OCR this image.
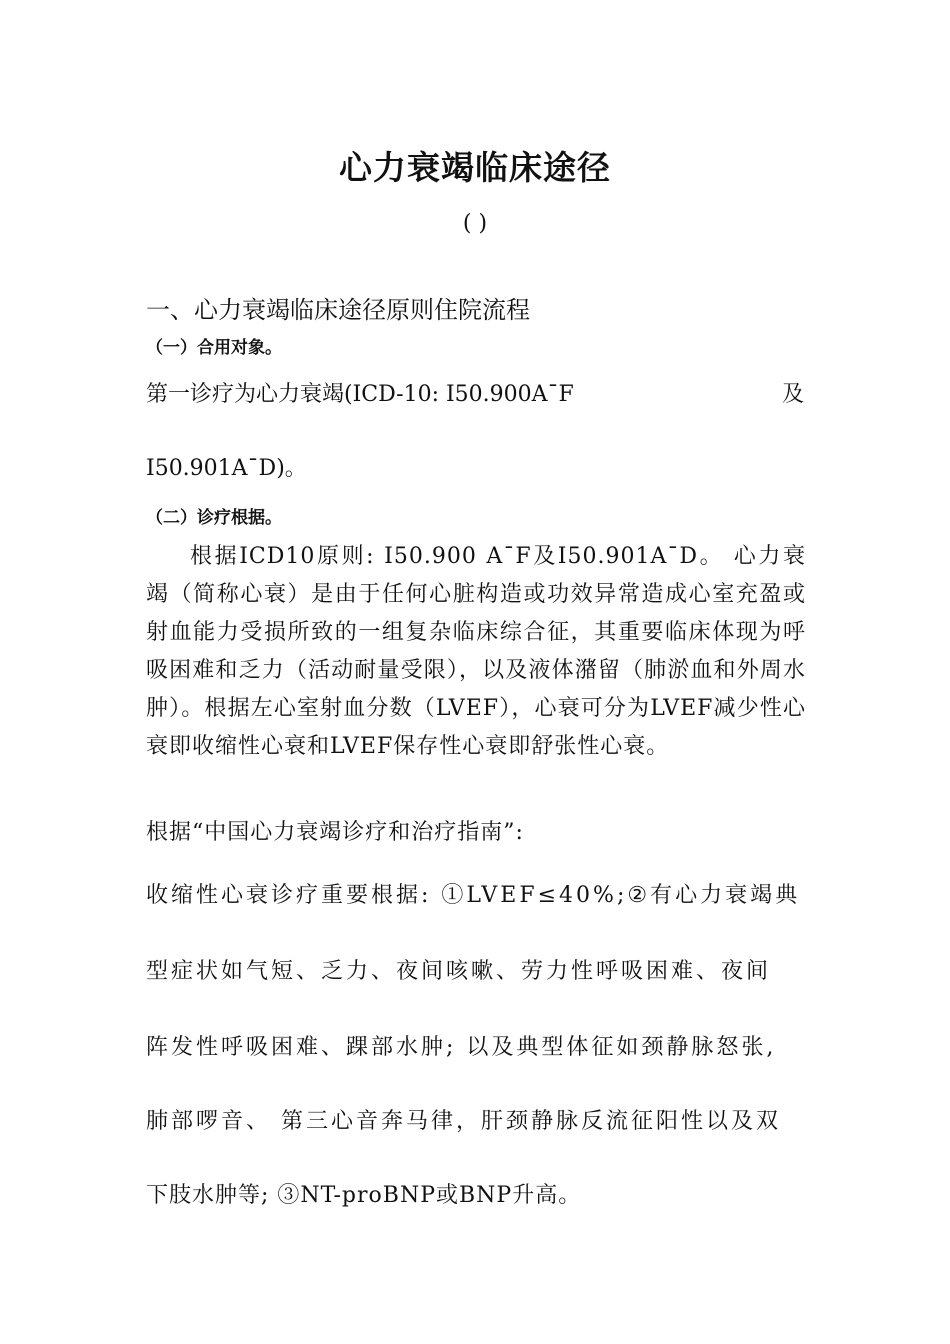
心力衰竭临床途径
( )
一、心力衰竭临床途径原则住院流程
（一）合用对象。
第一诊疗为心力衰竭(ICD-10: I50.900A¯F	及
I50.901A¯D)。
（二）诊疗根据。
根据ICD10原则: I50.900 A¯F及I50.901A¯D。 心力衰竭（简称心衰）是由于任何心脏构造或功效异常造成心室充盈或射血能力受损所致的一组复杂临床综合征，其重要临床体现为呼吸困难和乏力（活动耐量受限），以及液体潴留（肺淤血和外周水肿）。根据左心室射血分数（LVEF），心衰可分为LVEF减少性心衰即收缩性心衰和LVEF保存性心衰即舒张性心衰。
根据“中国心力衰竭诊疗和治疗指南”:
收缩性心衰诊疗重要根据: ①LVEF≤40%;②有心力衰竭典
型症状如气短、乏力、夜间咳嗽、劳力性呼吸困难、夜间
阵发性呼吸困难、踝部水肿; 以及典型体征如颈静脉怒张,
肺部啰音、 第三心音奔马律，肝颈静脉反流征阳性以及双
下肢水肿等; ③NT-proBNP或BNP升高。
